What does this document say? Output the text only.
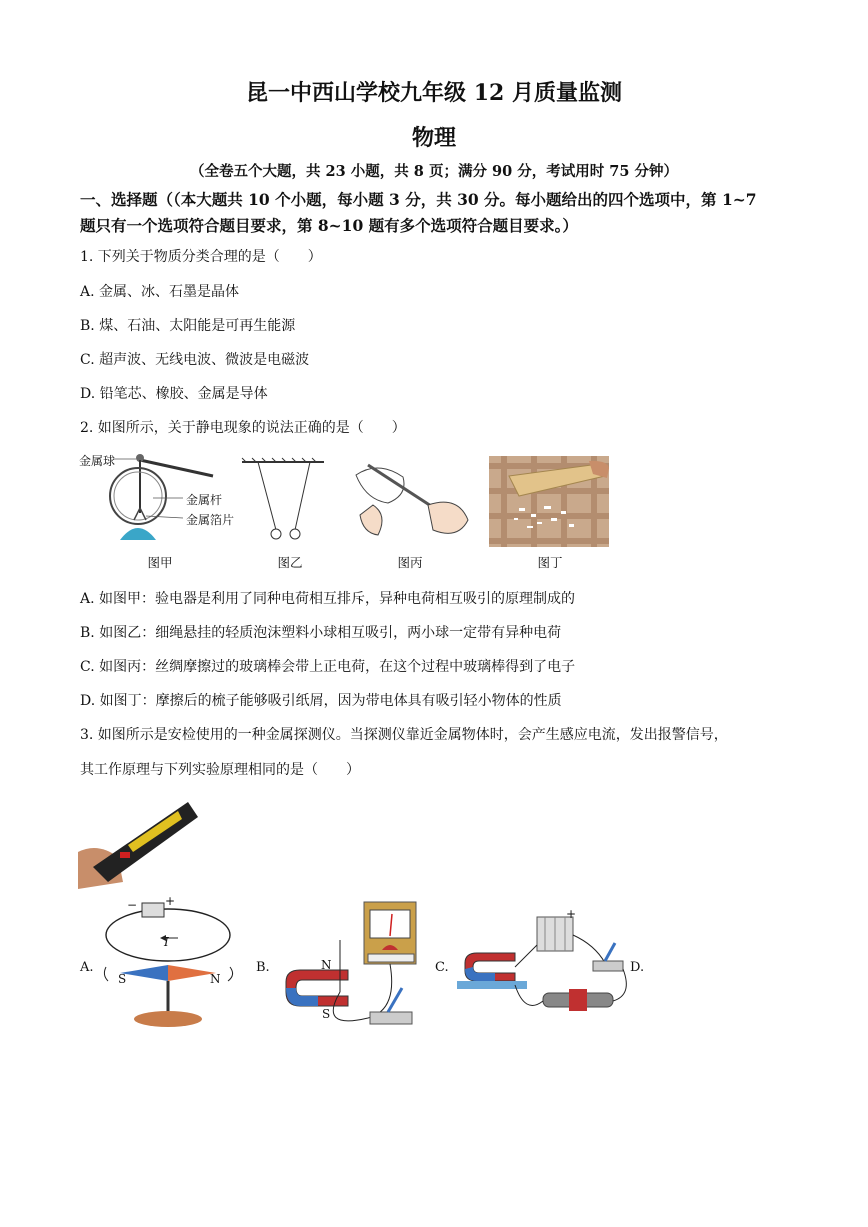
昆一中西山学校九年级 12 月质量监测
物理
（全卷五个大题，共 23 小题，共 8 页；满分 90 分，考试用时 75 分钟）
一、选择题（（本大题共 10 个小题，每小题 3 分，共 30 分。每小题给出的四个选项中，第 1~7
题只有一个选项符合题目要求，第 8~10 题有多个选项符合题目要求。）
1. 下列关于物质分类合理的是（　　）
A. 金属、冰、石墨是晶体
B. 煤、石油、太阳能是可再生能源
C. 超声波、无线电波、微波是电磁波
D. 铅笔芯、橡胶、金属是导体
2. 如图所示，关于静电现象的说法正确的是（　　）
金属球
金属杆
金属箔片
图甲	图乙	图丙	图丁
A. 如图甲：验电器是利用了同种电荷相互排斥，异种电荷相互吸引的原理制成的
B. 如图乙：细绳悬挂的轻质泡沫塑料小球相互吸引，两小球一定带有异种电荷
C. 如图丙：丝绸摩擦过的玻璃棒会带上正电荷，在这个过程中玻璃棒得到了电子
D. 如图丁：摩擦后的梳子能够吸引纸屑，因为带电体具有吸引轻小物体的性质
3. 如图所示是安检使用的一种金属探测仪。当探测仪靠近金属物体时，会产生感应电流，发出报警信号，
其工作原理与下列实验原理相同的是（　　）
A.
− +
I
S	N
B.	N
S
C.
+
D.
